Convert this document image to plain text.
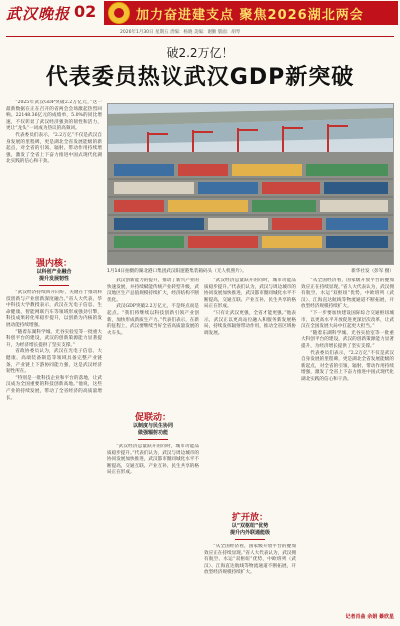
武汉晚报 02	加力奋进建支点 聚焦2026湖北两会
2026年1月30日 星期五 责编：杨晓 美编：谢勤 版面：胡琴
破2.2万亿！
代表委员热议武汉GDP新突破

“2025年武汉GDP突破2.2万亿元，”这一最新数据在正在召开的省两会会场激起热烈回响。22148.36亿元的成绩单，5.0%的同比增速，不仅彰显了武汉经济强劲的韧性和活力，更让“龙头”一词成为热议的高频词。

代表委员们表示，“2.2万亿”不仅是武汉自身发展的里程碑，更是湖北全省发展能级的新起点，对全省的引领、辐射、带动作用持续增强，激发了全省上下奋力推进中国式现代化湖北实践的信心和干劲。

强内核：
以科创产业融合
提升发展韧性

“武汉经济持续回升向好，关键在于推动科技创新与产业创新深度融合。”省人大代表、华中科技大学教授表示，武汉在光电子信息、生命健康、智能网联汽车等领域形成强劲引擎，科技成果转化率稳步提升，以创新为内核的发展动能持续增强。

“随着东湖科学城、光谷实验室等一批重大科创平台的建设，武汉的创新策源能力显著提升，为经济增长提供了坚实支撑。”

省政协委员认为，武汉在光电子信息、大健康、高端装备制造等领域具备完整产业链条，产业链上下游协同能力强，这是武汉经济韧性所在。

“特别是一批科技企业和平台的落地，让武汉成为全国重要的科技创新高地。”他说，这些产业的持续发展，带动了全省经济的高质量增长。

1月14日拍摄的湖北港口集团武汉阳逻港集装箱码头（无人机照片）。	新华社发（彭军 摄）

武汉创新能力的提升，推动了新兴产业的快速发展，并持续赋能传统产业转型升级，武汉地区生产总值规模持续扩大，经济结构不断优化。

武汉GDP突破2.2万亿元，不是终点而是起点。“我们将继续以科技创新引领产业创新，加快形成新质生产力。”代表们表示，在新的征程上，武汉要继续当好全省高质量发展的火车头。

促联动：
以制度与民生协同
做强辐射功能

“武汉经济总量跃升的同时，城市功能品质稳步提升。”代表们认为，武汉与周边城市的协同发展加快推进，武汉都市圈同城化水平不断提高，交通互联、产业互补、民生共享的格局正在形成。

“武汉经济总量跃升的同时，城市功能品质稳步提升。”代表们认为，武汉与周边城市的协同发展加快推进，武汉都市圈同城化水平不断提高，交通互联、产业互补、民生共享的格局正在形成。

“只有让武汉更强，全省才能更强。”他表示，武汉正以更高站位融入和服务新发展格局，持续发挥辐射带动作用，推动全省区域协调发展。

扩开放：
以“双枢纽”优势
提升内外联通能级

“从全国经济看，国家级开放平台的叠加效应正在持续显现。”省人大代表认为，武汉拥有航空、水运“双枢纽”优势，中欧班列（武汉）、江海直达航线等物流通道不断拓展，开放型经济规模持续扩大。

“从全国经济看，国家级开放平台的叠加效应正在持续显现。”省人大代表认为，武汉拥有航空、水运“双枢纽”优势，中欧班列（武汉）、江海直达航线等物流通道不断拓展，开放型经济规模持续扩大。

“下一步要加快建设国际综合交通枢纽城市，以更高水平开放促进更深层次改革，让武汉在全国发展大局中扛起更大担当。”

“随着东湖科学城、光谷实验室等一批重大科创平台的建设，武汉的创新策源能力显著提升，为经济增长提供了坚实支撑。”

代表委员们表示，“2.2万亿”不仅是武汉自身发展的里程碑，更是湖北全省发展能级的新起点，对全省的引领、辐射、带动作用持续增强，激发了全省上下奋力推进中国式现代化湖北实践的信心和干劲。

记者肖曲 余娟 綦欣星
